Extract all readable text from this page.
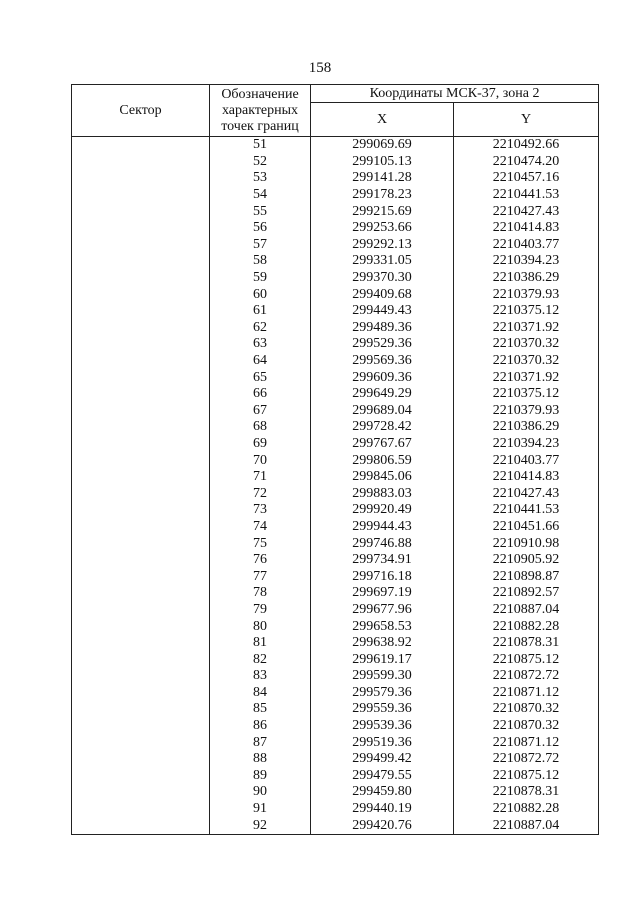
158
Сектор	Обозначение характерных точек границ	Координаты МСК-37, зона 2	
		X	Y
	51	299069.69	2210492.66
	52	299105.13	2210474.20
	53	299141.28	2210457.16
	54	299178.23	2210441.53
	55	299215.69	2210427.43
	56	299253.66	2210414.83
	57	299292.13	2210403.77
	58	299331.05	2210394.23
	59	299370.30	2210386.29
	60	299409.68	2210379.93
	61	299449.43	2210375.12
	62	299489.36	2210371.92
	63	299529.36	2210370.32
	64	299569.36	2210370.32
	65	299609.36	2210371.92
	66	299649.29	2210375.12
	67	299689.04	2210379.93
	68	299728.42	2210386.29
	69	299767.67	2210394.23
	70	299806.59	2210403.77
	71	299845.06	2210414.83
	72	299883.03	2210427.43
	73	299920.49	2210441.53
	74	299944.43	2210451.66
	75	299746.88	2210910.98
	76	299734.91	2210905.92
	77	299716.18	2210898.87
	78	299697.19	2210892.57
	79	299677.96	2210887.04
	80	299658.53	2210882.28
	81	299638.92	2210878.31
	82	299619.17	2210875.12
	83	299599.30	2210872.72
	84	299579.36	2210871.12
	85	299559.36	2210870.32
	86	299539.36	2210870.32
	87	299519.36	2210871.12
	88	299499.42	2210872.72
	89	299479.55	2210875.12
	90	299459.80	2210878.31
	91	299440.19	2210882.28
	92	299420.76	2210887.04
